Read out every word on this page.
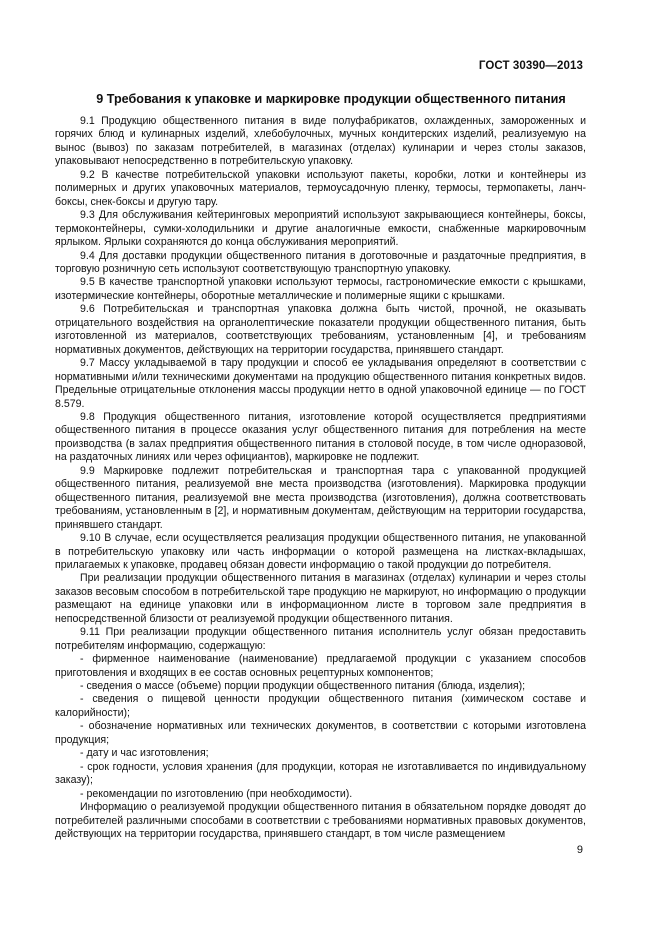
ГОСТ 30390—2013
9 Требования к упаковке и маркировке продукции общественного питания

9.1 Продукцию общественного питания в виде полуфабрикатов, охлажденных, замороженных и горячих блюд и кулинарных изделий, хлебобулочных, мучных кондитерских изделий, реализуемую на вынос (вывоз) по заказам потребителей, в магазинах (отделах) кулинарии и через столы заказов, упаковывают непосредственно в потребительскую упаковку.

9.2 В качестве потребительской упаковки используют пакеты, коробки, лотки и контейнеры из полимерных и других упаковочных материалов, термоусадочную пленку, термосы, термопакеты, ланч-боксы, снек-боксы и другую тару.

9.3 Для обслуживания кейтеринговых мероприятий используют закрывающиеся контейнеры, боксы, термоконтейнеры, сумки-холодильники и другие аналогичные емкости, снабженные маркировочным ярлыком. Ярлыки сохраняются до конца обслуживания мероприятий.

9.4 Для доставки продукции общественного питания в доготовочные и раздаточные предприятия, в торговую розничную сеть используют соответствующую транспортную упаковку.

9.5 В качестве транспортной упаковки используют термосы, гастрономические емкости с крышками, изотермические контейнеры, оборотные металлические и полимерные ящики с крышками.

9.6 Потребительская и транспортная упаковка должна быть чистой, прочной, не оказывать отрицательного воздействия на органолептические показатели продукции общественного питания, быть изготовленной из материалов, соответствующих требованиям, установленным [4], и требованиям нормативных документов, действующих на территории государства, принявшего стандарт.

9.7 Массу укладываемой в тару продукции и способ ее укладывания определяют в соответствии с нормативными и/или техническими документами на продукцию общественного питания конкретных видов. Предельные отрицательные отклонения массы продукции нетто в одной упаковочной единице — по ГОСТ 8.579.

9.8 Продукция общественного питания, изготовление которой осуществляется предприятиями общественного питания в процессе оказания услуг общественного питания для потребления на месте производства (в залах предприятия общественного питания в столовой посуде, в том числе одноразовой, на раздаточных линиях или через официантов), маркировке не подлежит.

9.9 Маркировке подлежит потребительская и транспортная тара с упакованной продукцией общественного питания, реализуемой вне места производства (изготовления). Маркировка продукции общественного питания, реализуемой вне места производства (изготовления), должна соответствовать требованиям, установленным в [2], и нормативным документам, действующим на территории государства, принявшего стандарт.

9.10 В случае, если осуществляется реализация продукции общественного питания, не упакованной в потребительскую упаковку или часть информации о которой размещена на листках-вкладышах, прилагаемых к упаковке, продавец обязан довести информацию о такой продукции до потребителя.

При реализации продукции общественного питания в магазинах (отделах) кулинарии и через столы заказов весовым способом в потребительской таре продукцию не маркируют, но информацию о продукции размещают на единице упаковки или в информационном листе в торговом зале предприятия в непосредственной близости от реализуемой продукции общественного питания.

9.11 При реализации продукции общественного питания исполнитель услуг обязан предоставить потребителям информацию, содержащую:

- фирменное наименование (наименование) предлагаемой продукции с указанием способов приготовления и входящих в ее состав основных рецептурных компонентов;

- сведения о массе (объеме) порции продукции общественного питания (блюда, изделия);

- сведения о пищевой ценности продукции общественного питания (химическом составе и калорийности);

- обозначение нормативных или технических документов, в соответствии с которыми изготовлена продукция;

- дату и час изготовления;

- срок годности, условия хранения (для продукции, которая не изготавливается по индивидуальному заказу);

- рекомендации по изготовлению (при необходимости).

Информацию о реализуемой продукции общественного питания в обязательном порядке доводят до потребителей различными способами в соответствии с требованиями нормативных правовых документов, действующих на территории государства, принявшего стандарт, в том числе размещением

9
